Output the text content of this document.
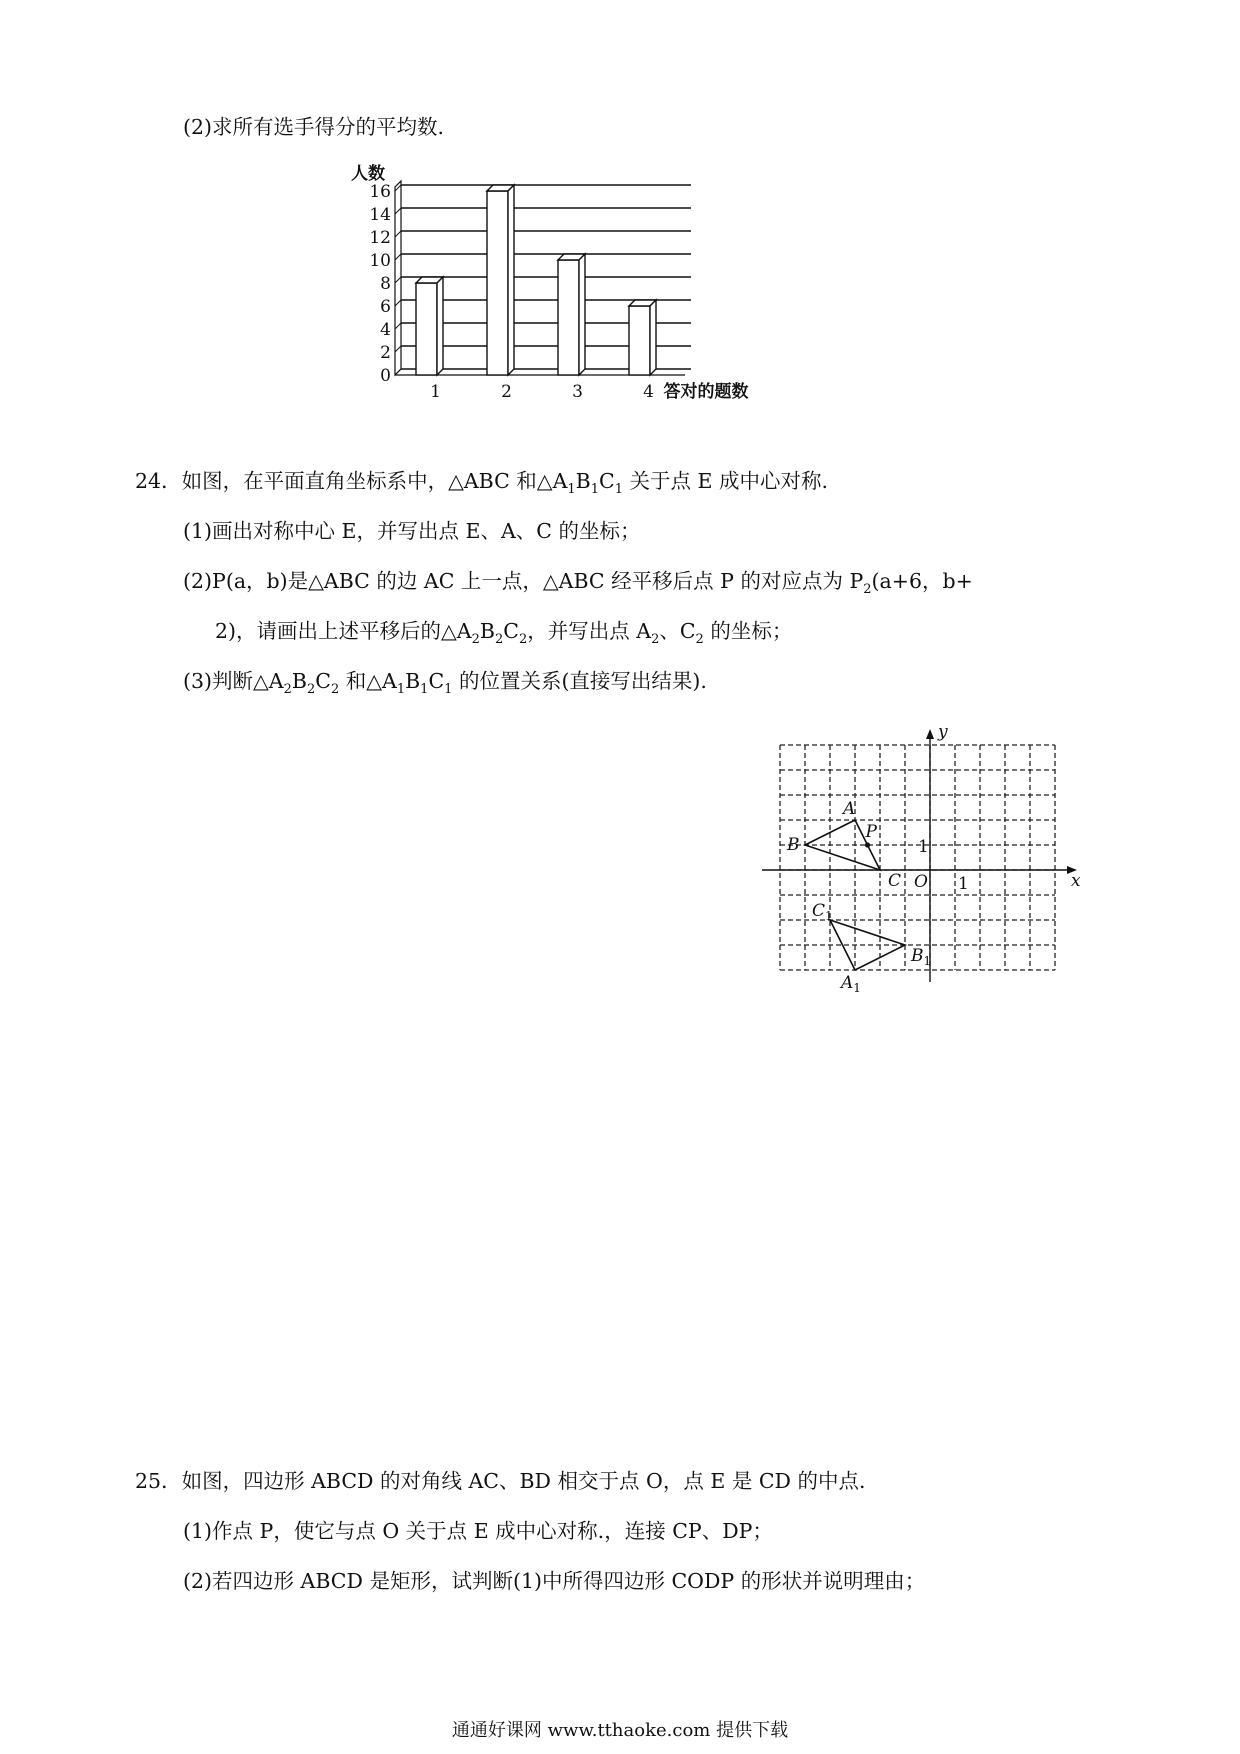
(2)求所有选手得分的平均数.
0
2
4
6
8
10
12
14
16
人数
1	2	3	4 答对的题数
24．如图，在平面直角坐标系中，△ABC 和$\triangle A_1B_1C_1$ 关于点 E 成中心对称.
(1)画出对称中心 E，并写出点 E、A、C 的坐标；
(2)P(a，b)是△ABC 的边 AC 上一点，△ABC 经平移后点 P 的对应点为 $P_2(a+6$，b+
2)，请画出上述平移后的$\triangle A_2B_2C_2$，并写出点 $A_2$、$C_2$ 的坐标；
(3)判断$\triangle A_2B_2C_2$ 和$\triangle A_1B_1C_1$ 的位置关系(直接写出结果).
x
y
O 1
1
A
B
C
P
$A_1$
$B_1$
$C_1$
25．如图，四边形 ABCD 的对角线 AC、BD 相交于点 O，点 E 是 CD 的中点.
(1)作点 P，使它与点 O 关于点 E 成中心对称.，连接 CP、DP；
(2)若四边形 ABCD 是矩形，试判断(1)中所得四边形 CODP 的形状并说明理由；
通通好课网 www.tthaoke.com 提供下载
